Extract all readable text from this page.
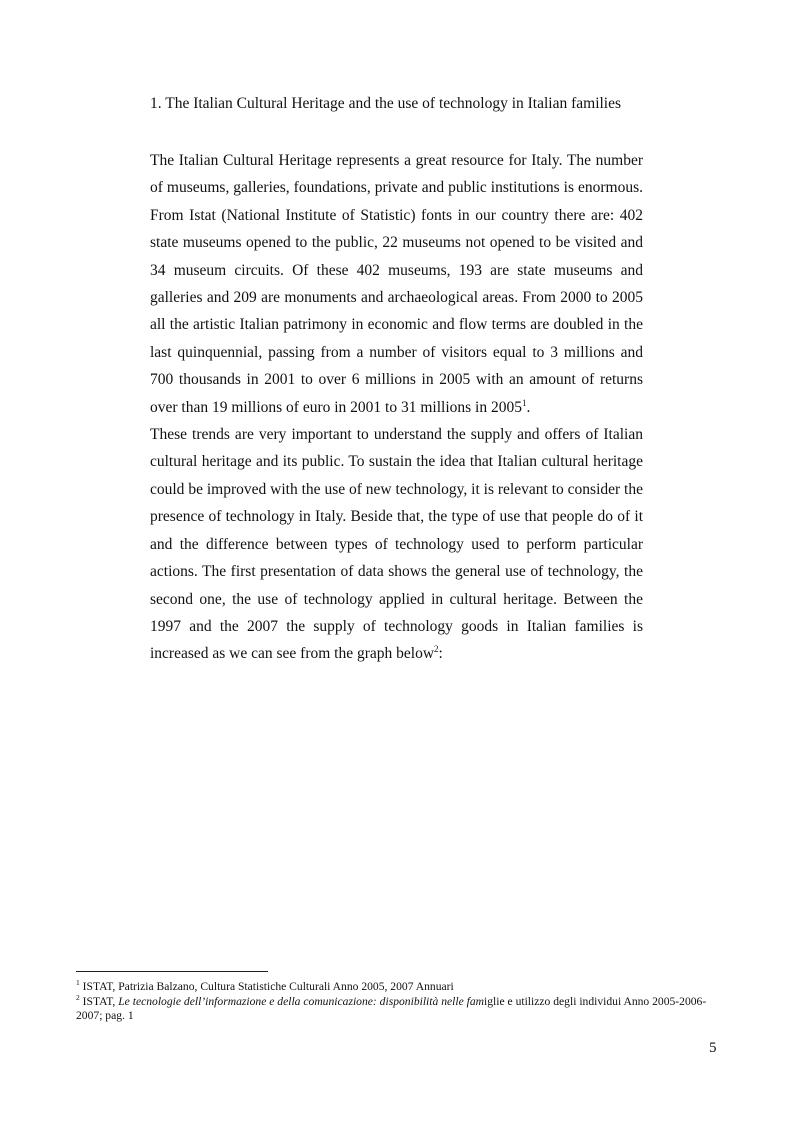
1. The Italian Cultural Heritage and the use of technology in Italian families

The Italian Cultural Heritage represents a great resource for Italy. The number of museums, galleries, foundations, private and public institutions is enormous. From Istat (National Institute of Statistic) fonts in our country there are: 402 state museums opened to the public, 22 museums not opened to be visited and 34 museum circuits. Of these 402 museums, 193 are state museums and galleries and 209 are monuments and archaeological areas. From 2000 to 2005 all the artistic Italian patrimony in economic and flow terms are doubled in the last quinquennial, passing from a number of visitors equal to 3 millions and 700 thousands in 2001 to over 6 millions in 2005 with an amount of returns over than 19 millions of euro in 2001 to 31 millions in 2005$^1$.

These trends are very important to understand the supply and offers of Italian cultural heritage and its public. To sustain the idea that Italian cultural heritage could be improved with the use of new technology, it is relevant to consider the presence of technology in Italy. Beside that, the type of use that people do of it and the difference between types of technology used to perform particular actions. The first presentation of data shows the general use of technology, the second one, the use of technology applied in cultural heritage. Between the 1997 and the 2007 the supply of technology goods in Italian families is increased as we can see from the graph below$^2$:

$^1$ ISTAT, Patrizia Balzano, Cultura Statistiche Culturali Anno 2005, 2007 Annuari

$^2$ ISTAT, Le tecnologie dell’informazione e della comunicazione: disponibilità nelle famiglie e utilizzo degli individui Anno 2005-2006-2007; pag. 1

5
